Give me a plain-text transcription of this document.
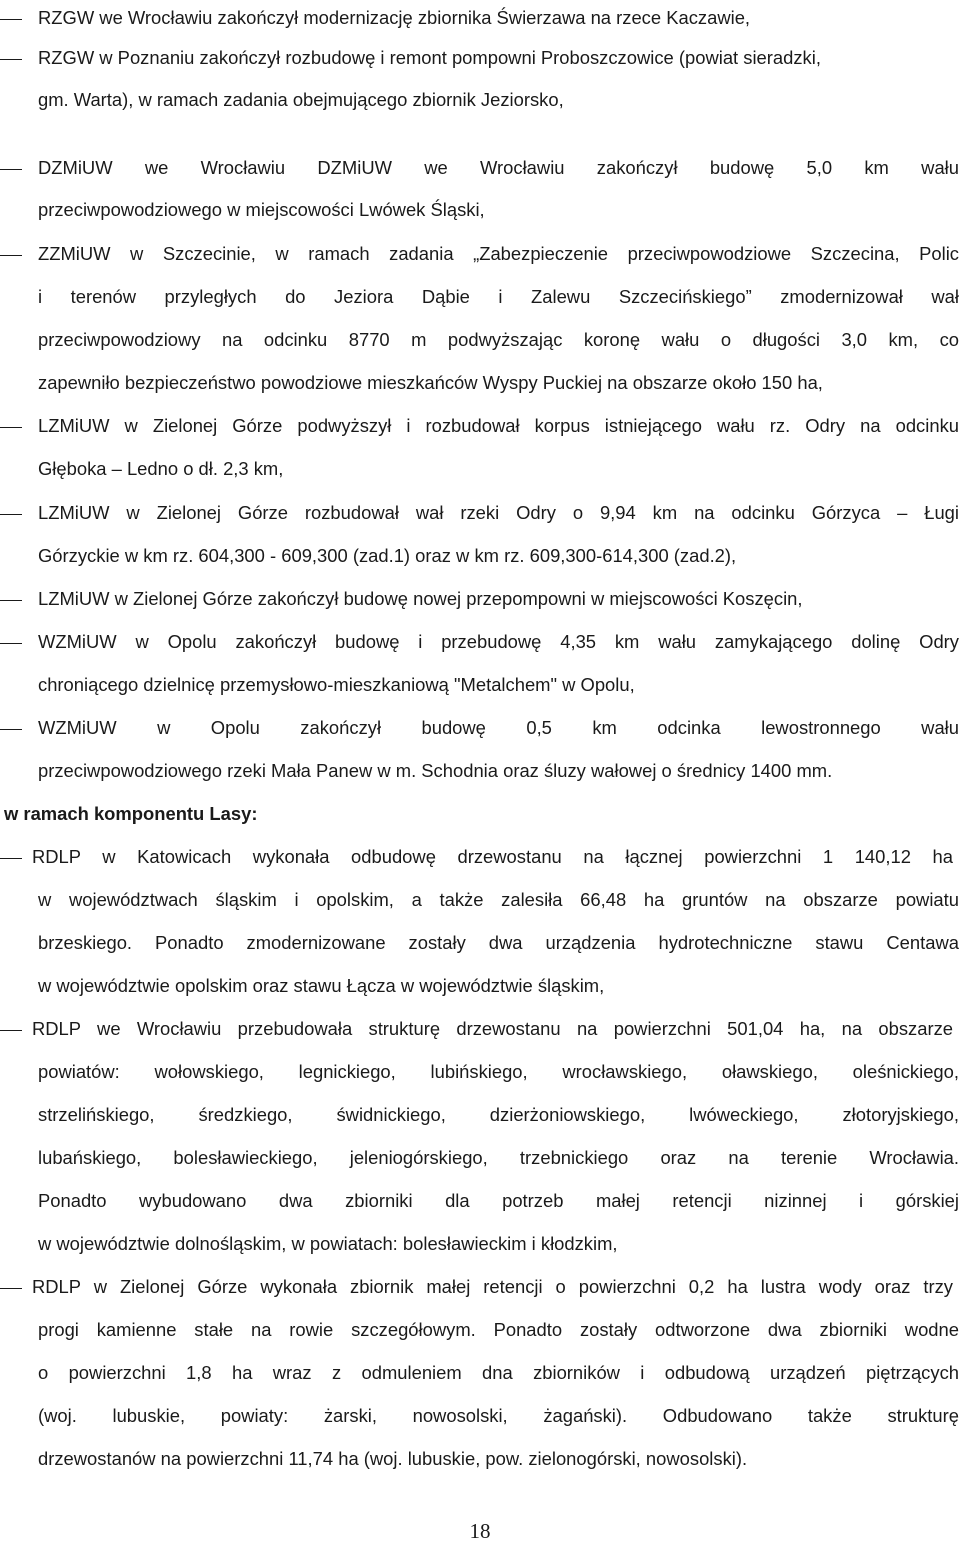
RZGW we Wrocławiu zakończył modernizację zbiornika Świerzawa na rzece Kaczawie,
RZGW w Poznaniu zakończył rozbudowę i remont pompowni Proboszczowice (powiat sieradzki,
gm. Warta), w ramach zadania obejmującego zbiornik Jeziorsko,
DZMiUW we Wrocławiu DZMiUW we Wrocławiu zakończył budowę 5,0 km wału
przeciwpowodziowego w miejscowości Lwówek Śląski,
ZZMiUW w Szczecinie, w ramach zadania „Zabezpieczenie przeciwpowodziowe Szczecina, Polic
i terenów przyległych do Jeziora Dąbie i Zalewu Szczecińskiego” zmodernizował wał
przeciwpowodziowy na odcinku 8770 m podwyższając koronę wału o długości 3,0 km, co
zapewniło bezpieczeństwo powodziowe mieszkańców Wyspy Puckiej na obszarze około 150 ha,
LZMiUW w Zielonej Górze podwyższył i rozbudował korpus istniejącego wału rz. Odry na odcinku
Głęboka – Ledno o dł. 2,3 km,
LZMiUW w Zielonej Górze rozbudował wał rzeki Odry o 9,94 km na odcinku Górzyca – Ługi
Górzyckie w km rz. 604,300 - 609,300 (zad.1) oraz w km rz. 609,300-614,300 (zad.2),
LZMiUW w Zielonej Górze zakończył budowę nowej przepompowni w miejscowości Koszęcin,
WZMiUW w Opolu zakończył budowę i przebudowę 4,35 km wału zamykającego dolinę Odry
chroniącego dzielnicę przemysłowo-mieszkaniową "Metalchem" w Opolu,
WZMiUW w Opolu zakończył budowę 0,5 km odcinka lewostronnego wału
przeciwpowodziowego rzeki Mała Panew w m. Schodnia oraz śluzy wałowej o średnicy 1400 mm.
RDLP w Katowicach wykonała odbudowę drzewostanu na łącznej powierzchni 1 140,12 ha
w województwach śląskim i opolskim, a także zalesiła 66,48 ha gruntów na obszarze powiatu
brzeskiego. Ponadto zmodernizowane zostały dwa urządzenia hydrotechniczne stawu Centawa
w województwie opolskim oraz stawu Łącza w województwie śląskim,
RDLP we Wrocławiu przebudowała strukturę drzewostanu na powierzchni 501,04 ha, na obszarze
powiatów: wołowskiego, legnickiego, lubińskiego, wrocławskiego, oławskiego, oleśnickiego,
strzelińskiego, średzkiego, świdnickiego, dzierżoniowskiego, lwóweckiego, złotoryjskiego,
lubańskiego, bolesławieckiego, jeleniogórskiego, trzebnickiego oraz na terenie Wrocławia.
Ponadto wybudowano dwa zbiorniki dla potrzeb małej retencji nizinnej i górskiej
w województwie dolnośląskim, w powiatach: bolesławieckim i kłodzkim,
RDLP w Zielonej Górze wykonała zbiornik małej retencji o powierzchni 0,2 ha lustra wody oraz trzy
progi kamienne stałe na rowie szczegółowym. Ponadto zostały odtworzone dwa zbiorniki wodne
o powierzchni 1,8 ha wraz z odmuleniem dna zbiorników i odbudową urządzeń piętrzących
(woj. lubuskie, powiaty: żarski, nowosolski, żagański). Odbudowano także strukturę
drzewostanów na powierzchni 11,74 ha (woj. lubuskie, pow. zielonogórski, nowosolski).
w ramach komponentu Lasy:
18
